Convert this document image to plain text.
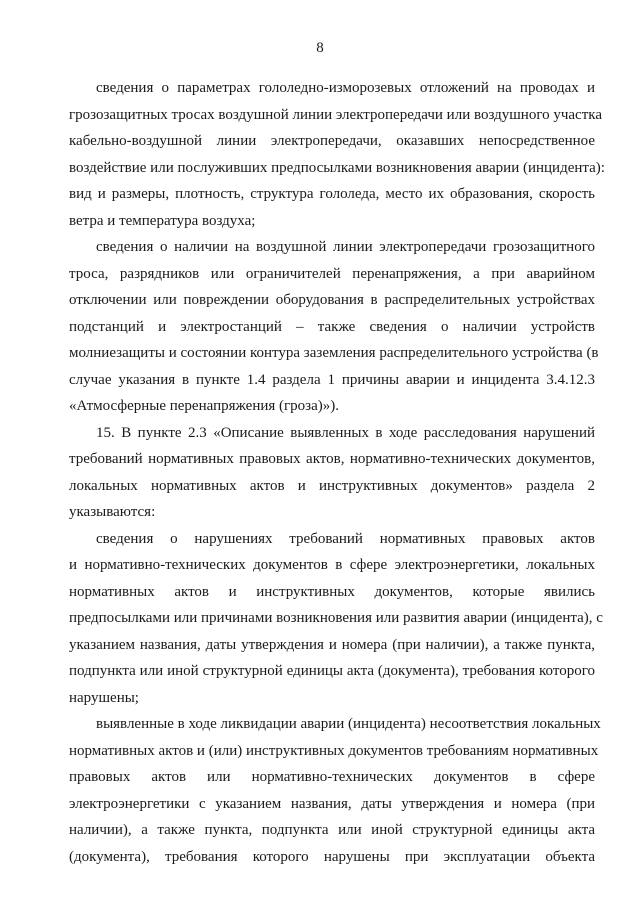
8
сведения о параметрах гололедно-изморозевых отложений на проводах и
грозозащитных тросах воздушной линии электропередачи или воздушного участка
кабельно-воздушной линии электропередачи, оказавших непосредственное
воздействие или послуживших предпосылками возникновения аварии (инцидента):
вид и размеры, плотность, структура гололеда, место их образования, скорость
ветра и температура воздуха;
сведения о наличии на воздушной линии электропередачи грозозащитного
троса, разрядников или ограничителей перенапряжения, а при аварийном
отключении или повреждении оборудования в распределительных устройствах
подстанций и электростанций – также сведения о наличии устройств
молниезащиты и состоянии контура заземления распределительного устройства (в
случае указания в пункте 1.4 раздела 1 причины аварии и инцидента 3.4.12.3
«Атмосферные перенапряжения (гроза)»).
15. В пункте 2.3 «Описание выявленных в ходе расследования нарушений
требований нормативных правовых актов, нормативно-технических документов,
локальных нормативных актов и инструктивных документов» раздела 2
указываются:
сведения о нарушениях требований нормативных правовых актов
и нормативно-технических документов в сфере электроэнергетики, локальных
нормативных актов и инструктивных документов, которые явились
предпосылками или причинами возникновения или развития аварии (инцидента), с
указанием названия, даты утверждения и номера (при наличии), а также пункта,
подпункта или иной структурной единицы акта (документа), требования которого
нарушены;
выявленные в ходе ликвидации аварии (инцидента) несоответствия локальных
нормативных актов и (или) инструктивных документов требованиям нормативных
правовых актов или нормативно-технических документов в сфере
электроэнергетики с указанием названия, даты утверждения и номера (при
наличии), а также пункта, подпункта или иной структурной единицы акта
(документа), требования которого нарушены при эксплуатации объекта
